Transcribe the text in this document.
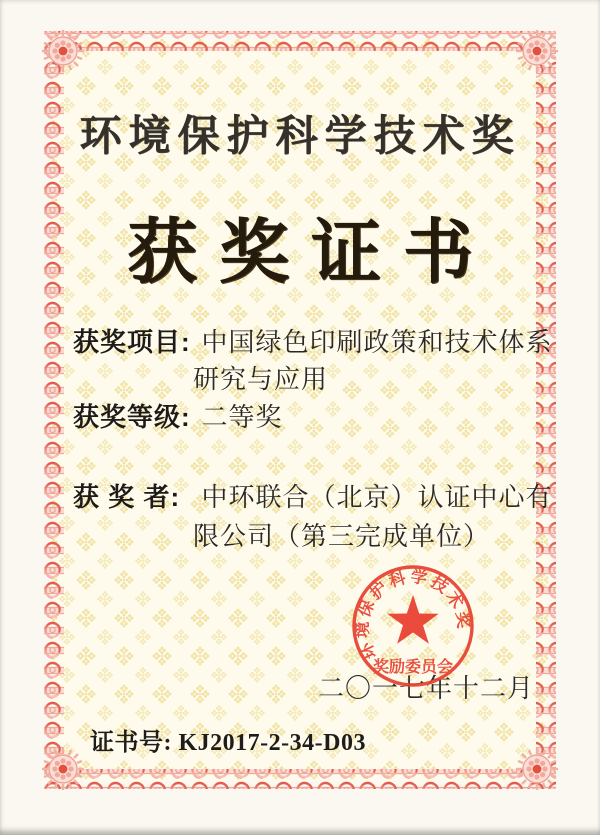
环境保护科学技术奖
获奖证书
获奖项目: 中国绿色印刷政策和技术体系
研究与应用
获奖等级: 二等奖
获 奖 者: 中环联合（北京）认证中心有
限公司（第三完成单位）
二〇一七年十二月
证书号: KJ2017-2-34-D03
环境保护科学技术奖
奖励委员会
